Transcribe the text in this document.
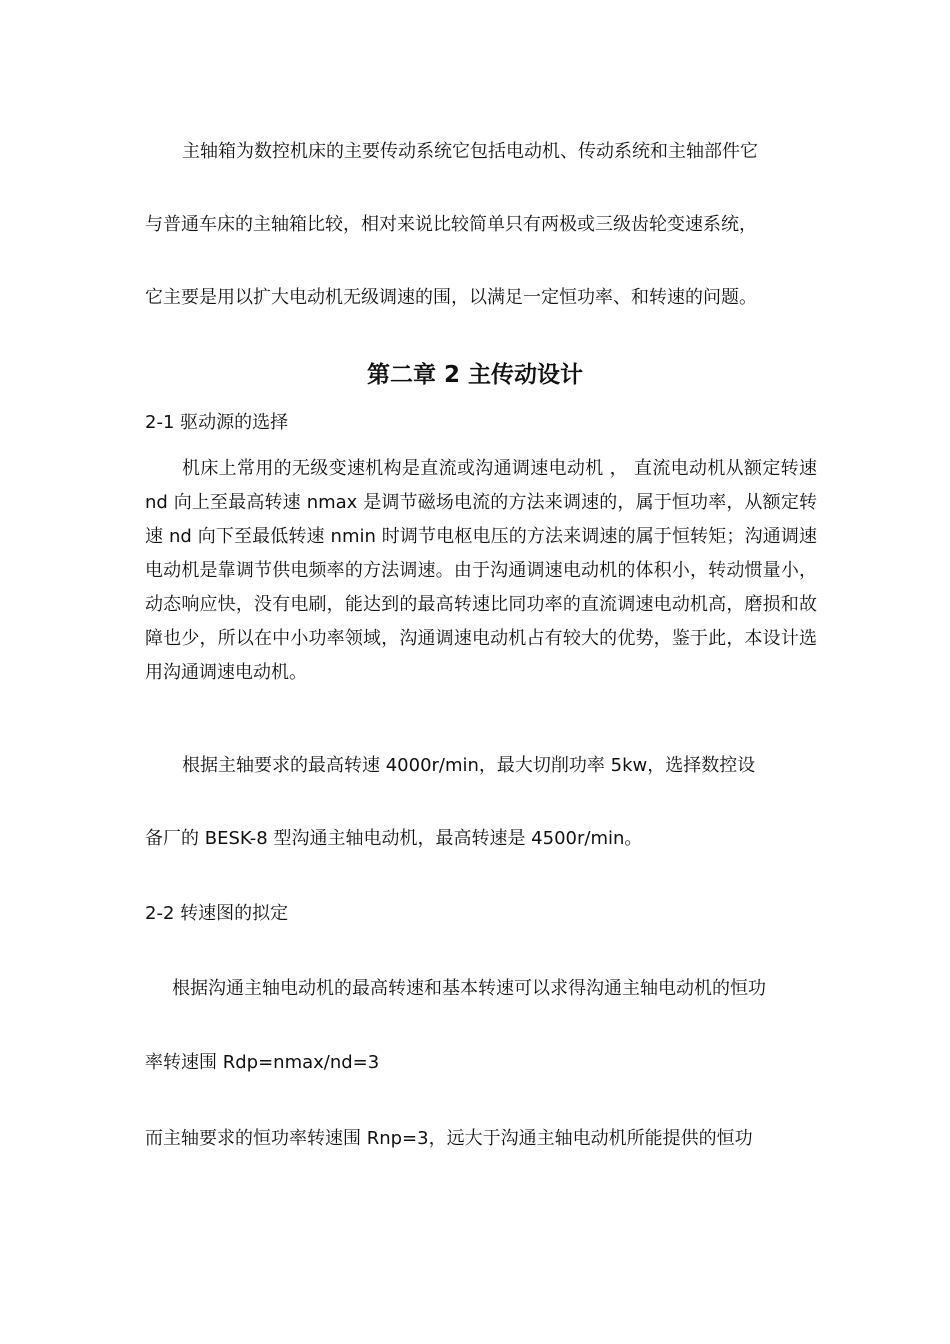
主轴箱为数控机床的主要传动系统它包括电动机、传动系统和主轴部件它
与普通车床的主轴箱比较，相对来说比较简单只有两极或三级齿轮变速系统，
它主要是用以扩大电动机无级调速的围，以满足一定恒功率、和转速的问题。
第二章 2 主传动设计
2-1 驱动源的选择
机床上常用的无级变速机构是直流或沟通调速电动机 ， 直流电动机从额定转速 nd 向上至最高转速 nmax 是调节磁场电流的方法来调速的，属于恒功率，从额定转速 nd 向下至最低转速 nmin 时调节电枢电压的方法来调速的属于恒转矩；沟通调速电动机是靠调节供电频率的方法调速。由于沟通调速电动机的体积小，转动惯量小，动态响应快，没有电刷，能达到的最高转速比同功率的直流调速电动机高，磨损和故障也少，所以在中小功率领域，沟通调速电动机占有较大的优势，鉴于此，本设计选用沟通调速电动机。
根据主轴要求的最高转速 4000r/min，最大切削功率 5kw，选择数控设
备厂的 BESK-8 型沟通主轴电动机，最高转速是 4500r/min。
2-2 转速图的拟定
根据沟通主轴电动机的最高转速和基本转速可以求得沟通主轴电动机的恒功
率转速围 Rdp=nmax/nd=3
而主轴要求的恒功率转速围 Rnp=3，远大于沟通主轴电动机所能提供的恒功
